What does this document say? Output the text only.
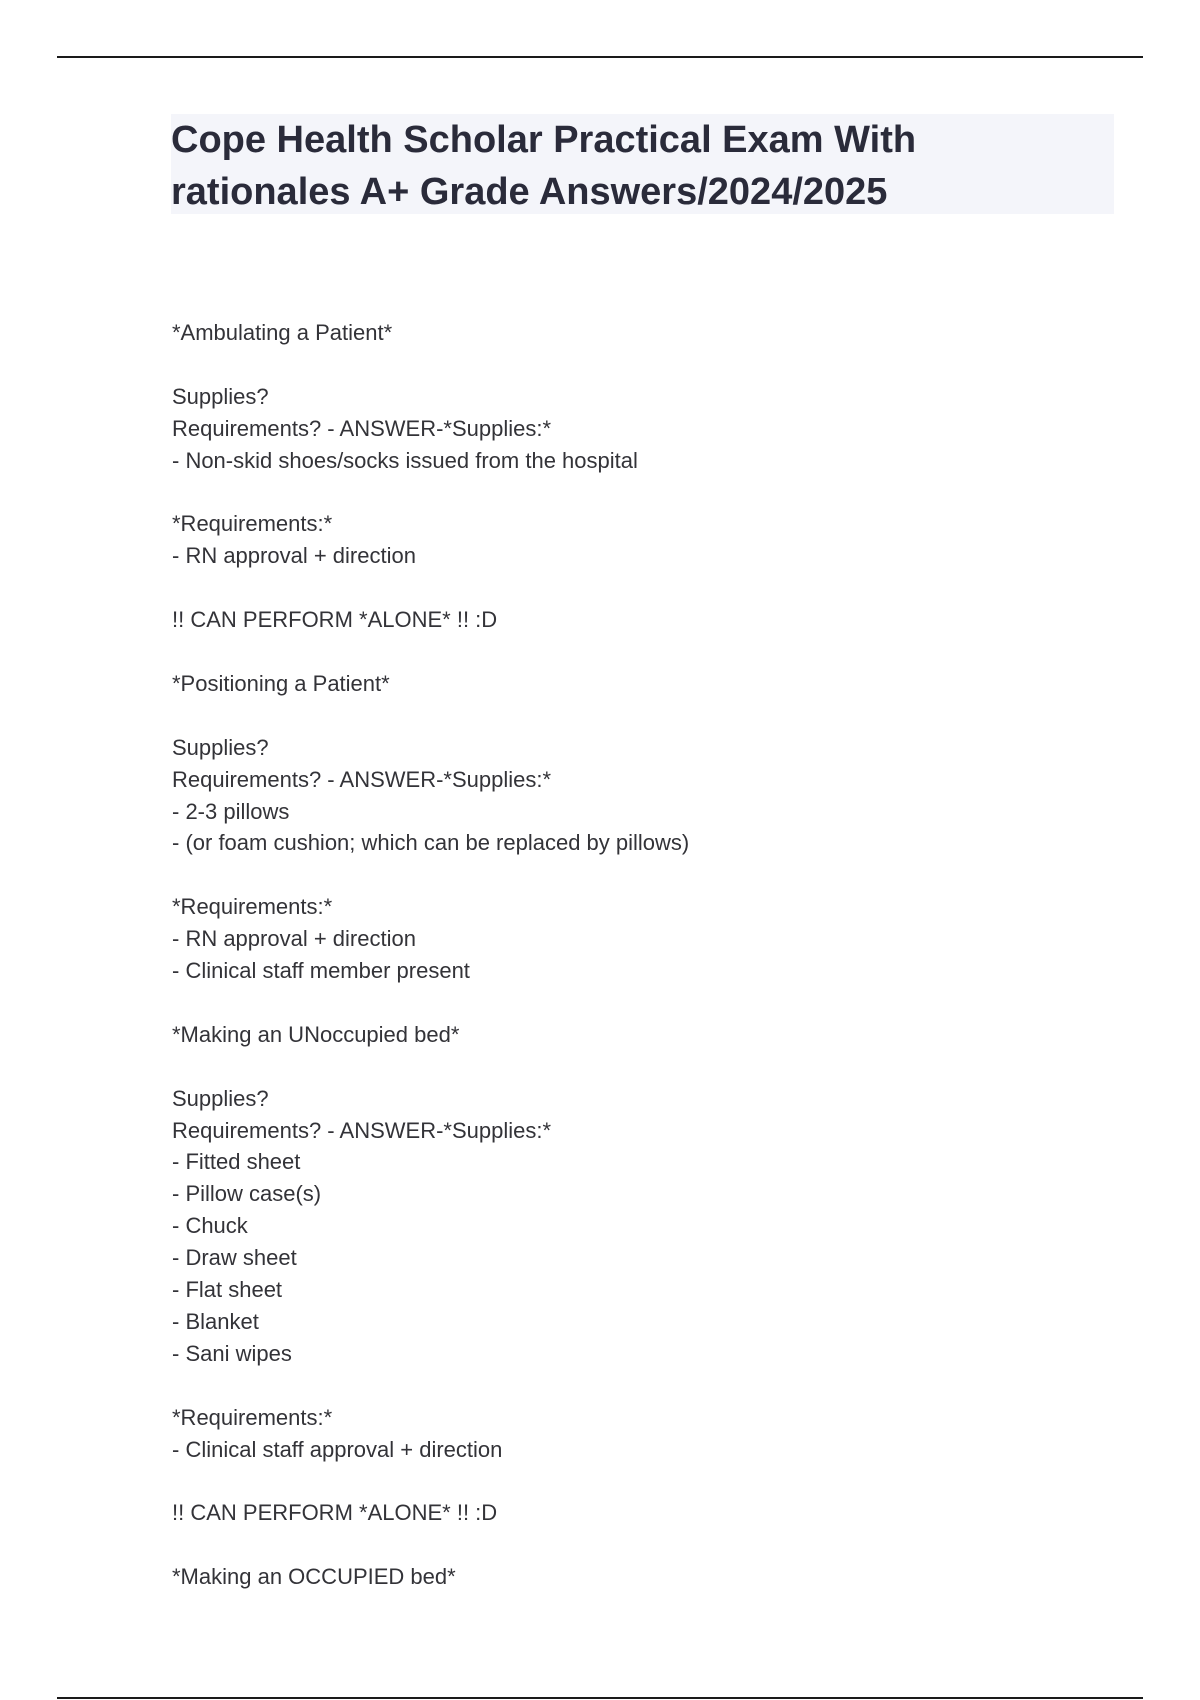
Cope Health Scholar Practical Exam With
rationales A+ Grade Answers/2024/2025
*Ambulating a Patient*
Supplies?
Requirements? - ANSWER-*Supplies:*
- Non-skid shoes/socks issued from the hospital
*Requirements:*
- RN approval + direction
!! CAN PERFORM *ALONE* !! :D
*Positioning a Patient*
Supplies?
Requirements? - ANSWER-*Supplies:*
- 2-3 pillows
- (or foam cushion; which can be replaced by pillows)
*Requirements:*
- RN approval + direction
- Clinical staff member present
*Making an UNoccupied bed*
Supplies?
Requirements? - ANSWER-*Supplies:*
- Fitted sheet
- Pillow case(s)
- Chuck
- Draw sheet
- Flat sheet
- Blanket
- Sani wipes
*Requirements:*
- Clinical staff approval + direction
!! CAN PERFORM *ALONE* !! :D
*Making an OCCUPIED bed*
